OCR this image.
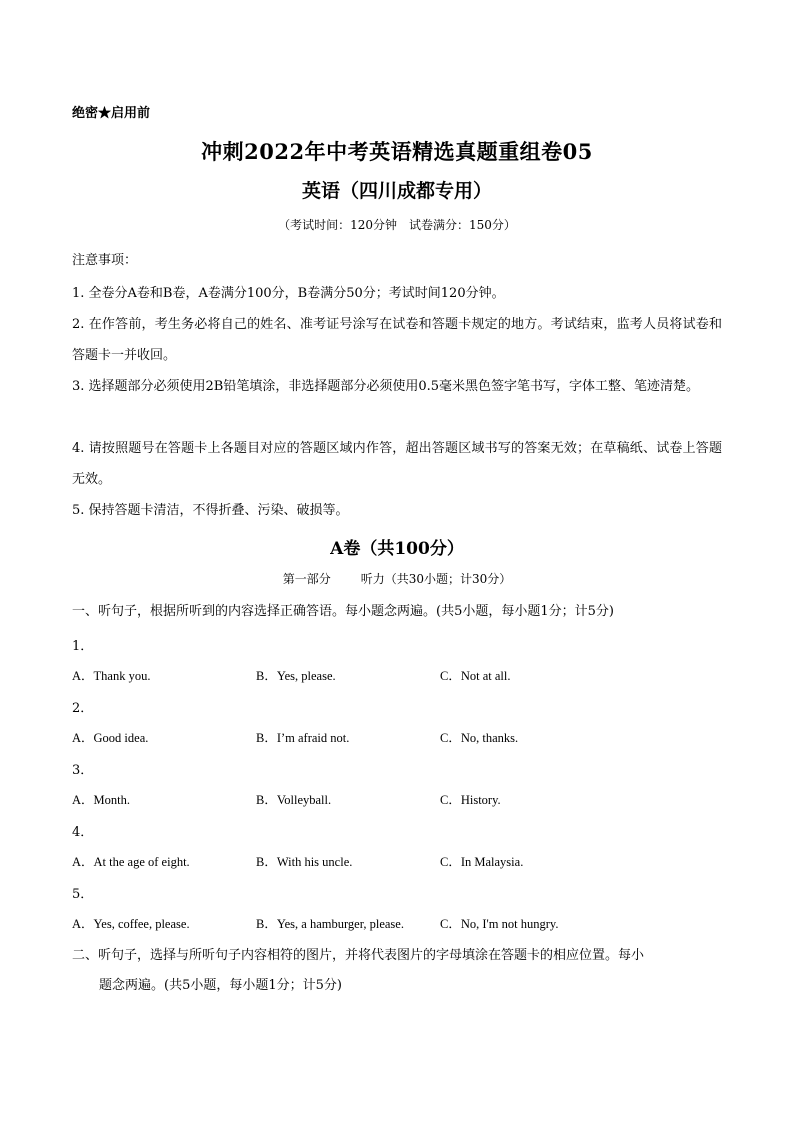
绝密★启用前
冲刺2022年中考英语精选真题重组卷05
英语（四川成都专用）
（考试时间：120分钟　试卷满分：150分）
注意事项：
1. 全卷分A卷和B卷，A卷满分100分，B卷满分50分；考试时间120分钟。
2. 在作答前，考生务必将自己的姓名、准考证号涂写在试卷和答题卡规定的地方。考试结束，监考人员将试卷和答题卡一并收回。
3. 选择题部分必须使用2B铅笔填涂，非选择题部分必须使用0.5毫米黑色签字笔书写，字体工整、笔迹清楚。
4. 请按照题号在答题卡上各题目对应的答题区域内作答，超出答题区域书写的答案无效；在草稿纸、试卷上答题无效。
5. 保持答题卡清洁，不得折叠、污染、破损等。
A卷（共100分）
第一部分	听力（共30小题；计30分）
一、听句子，根据所听到的内容选择正确答语。每小题念两遍。(共5小题，每小题1分；计5分)
1．
A．Thank you.	B．Yes, please.	C．Not at all.
2．
A．Good idea.	B．I’m afraid not.	C．No, thanks.
3．
A．Month.	B．Volleyball.	C．History.
4．
A．At the age of eight.	B．With his uncle.	C．In Malaysia.
5．
A．Yes, coffee, please.	B．Yes, a hamburger, please.	C．No, I'm not hungry.
二、听句子，选择与所听句子内容相符的图片，并将代表图片的字母填涂在答题卡的相应位置。每小
题念两遍。(共5小题，每小题1分；计5分)
